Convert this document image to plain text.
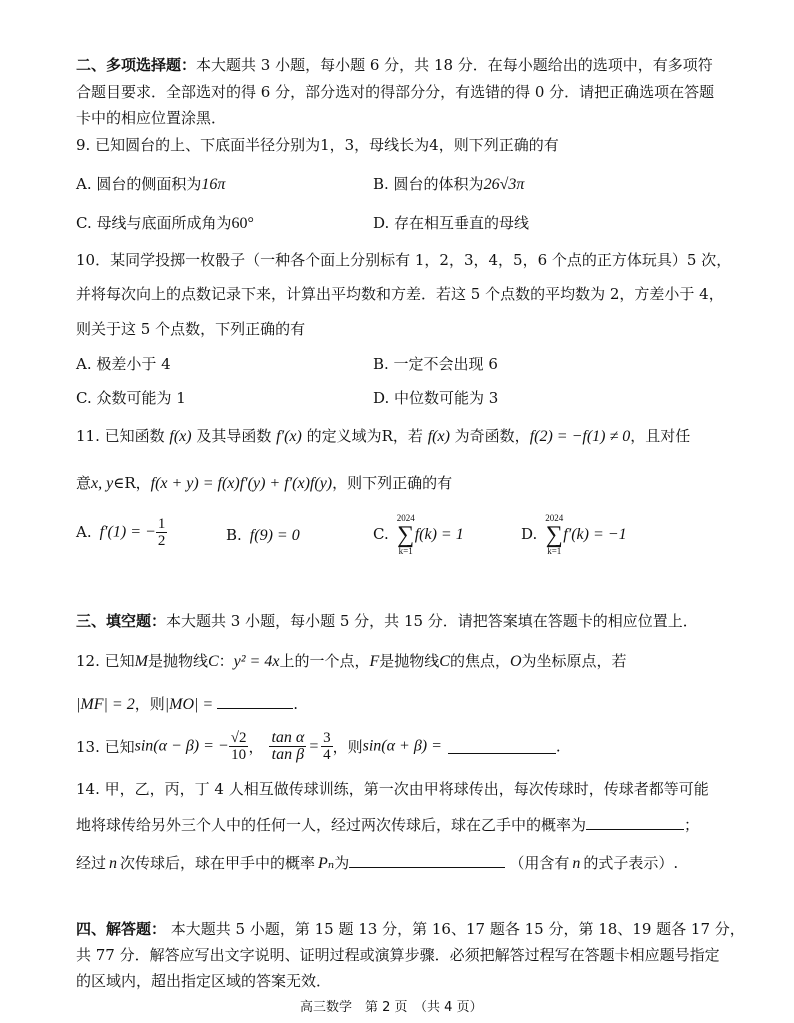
二、多项选择题：本大题共 3 小题，每小题 6 分，共 18 分．在每小题给出的选项中，有多项符
合题目要求．全部选对的得 6 分，部分选对的得部分分，有选错的得 0 分．请把正确选项在答题
卡中的相应位置涂黑．
9. 已知圆台的上、下底面半径分别为1，3，母线长为4，则下列正确的有
A. 圆台的侧面积为16π	B. 圆台的体积为26√3π
C. 母线与底面所成角为60°	D. 存在相互垂直的母线
10．某同学投掷一枚骰子（一种各个面上分别标有 1，2，3，4，5，6 个点的正方体玩具）5 次，
并将每次向上的点数记录下来，计算出平均数和方差．若这 5 个点数的平均数为 2，方差小于 4，
则关于这 5 个点数，下列正确的有
A. 极差小于 4	B. 一定不会出现 6
C. 众数可能为 1	D. 中位数可能为 3
11. 已知函数 f(x) 及其导函数 f′(x) 的定义域为R，若 f(x) 为奇函数，f(2) = −f(1) ≠ 0，且对任
意x, y∈R，f(x + y) = f(x)f′(y) + f′(x)f(y)，则下列正确的有
A. f′(1) = − $\frac{1}{2}$	B. f(9) = 0	C.
2024
∑
k=1
f(k) = 1	D.
2024
∑
k=1
f′(k) = −1
三、填空题：本大题共 3 小题，每小题 5 分，共 15 分．请把答案填在答题卡的相应位置上．
12. 已知M是抛物线C：y² = 4x上的一个点，F是抛物线C的焦点，O为坐标原点，若
|MF| = 2，则|MO| =	.
13. 已知sin(α − β) = − $\frac{√2}{10}$ ， $\frac{\text{tan α}}{\text{tan β}} = \frac{3}{4}$ ，则sin(α + β) =	.
14. 甲，乙，丙，丁 4 人相互做传球训练，第一次由甲将球传出，每次传球时，传球者都等可能
地将球传给另外三个人中的任何一人，经过两次传球后，球在乙手中的概率为	；
经过 n 次传球后，球在甲手中的概率 Pₙ为	（用含有 n 的式子表示）.
四、解答题： 本大题共 5 小题，第 15 题 13 分，第 16、17 题各 15 分，第 18、19 题各 17 分，
共 77 分．解答应写出文字说明、证明过程或演算步骤．必须把解答过程写在答题卡相应题号指定
的区域内，超出指定区域的答案无效．
高三数学　第 2 页　（共 4 页）
